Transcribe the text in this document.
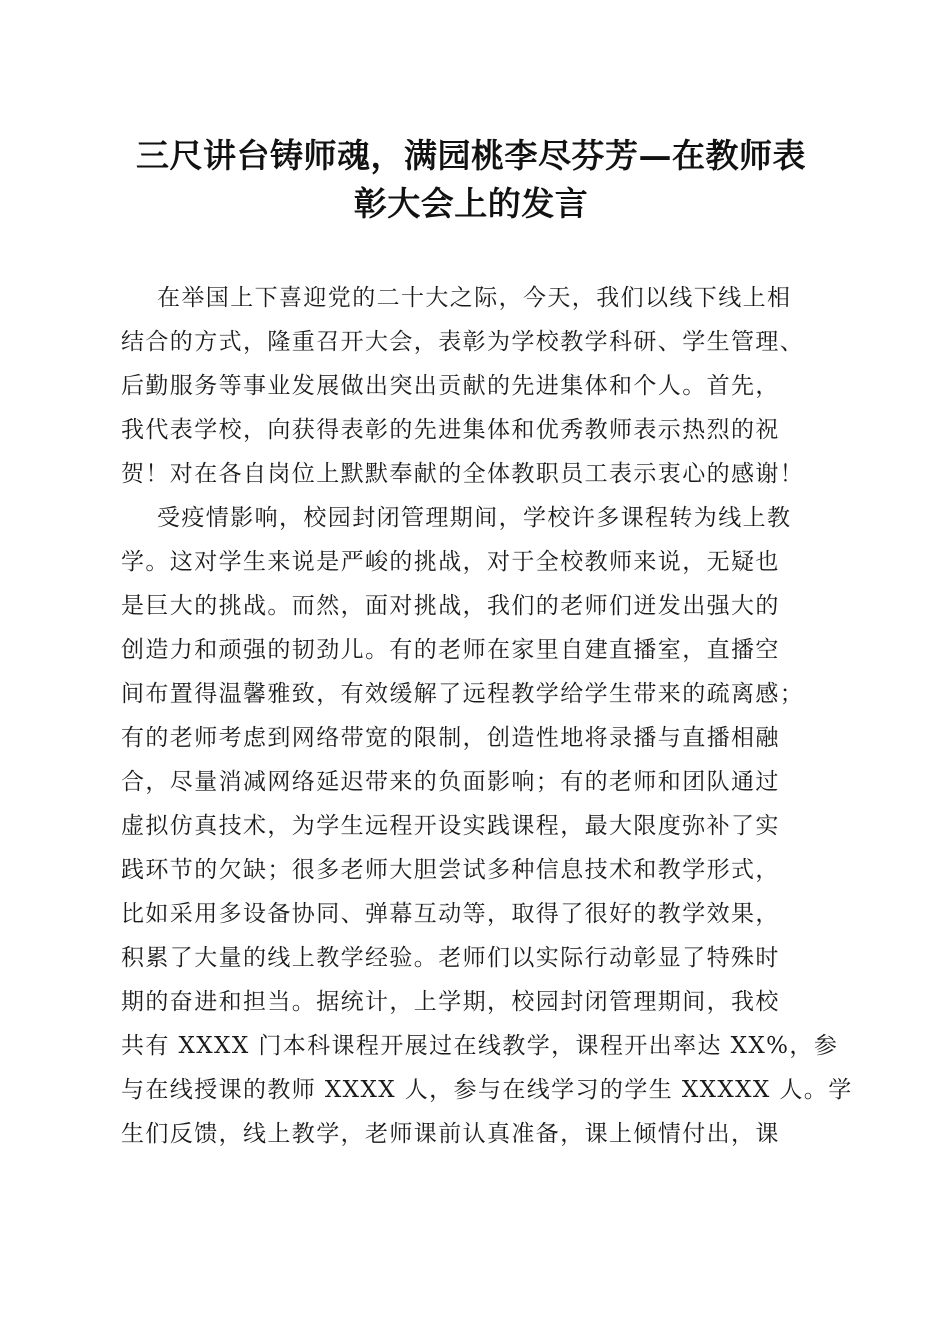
三尺讲台铸师魂，满园桃李尽芬芳—在教师表
彰大会上的发言
在举国上下喜迎党的二十大之际，今天，我们以线下线上相
结合的方式，隆重召开大会，表彰为学校教学科研、学生管理、
后勤服务等事业发展做出突出贡献的先进集体和个人。首先，
我代表学校，向获得表彰的先进集体和优秀教师表示热烈的祝
贺！对在各自岗位上默默奉献的全体教职员工表示衷心的感谢！
受疫情影响，校园封闭管理期间，学校许多课程转为线上教
学。这对学生来说是严峻的挑战，对于全校教师来说，无疑也
是巨大的挑战。而然，面对挑战，我们的老师们迸发出强大的
创造力和顽强的韧劲儿。有的老师在家里自建直播室，直播空
间布置得温馨雅致，有效缓解了远程教学给学生带来的疏离感；
有的老师考虑到网络带宽的限制，创造性地将录播与直播相融
合，尽量消减网络延迟带来的负面影响；有的老师和团队通过
虚拟仿真技术，为学生远程开设实践课程，最大限度弥补了实
践环节的欠缺；很多老师大胆尝试多种信息技术和教学形式，
比如采用多设备协同、弹幕互动等，取得了很好的教学效果，
积累了大量的线上教学经验。老师们以实际行动彰显了特殊时
期的奋进和担当。据统计，上学期，校园封闭管理期间，我校
共有 XXXX 门本科课程开展过在线教学，课程开出率达 XX%，参
与在线授课的教师 XXXX 人，参与在线学习的学生 XXXXX 人。学
生们反馈，线上教学，老师课前认真准备，课上倾情付出，课
